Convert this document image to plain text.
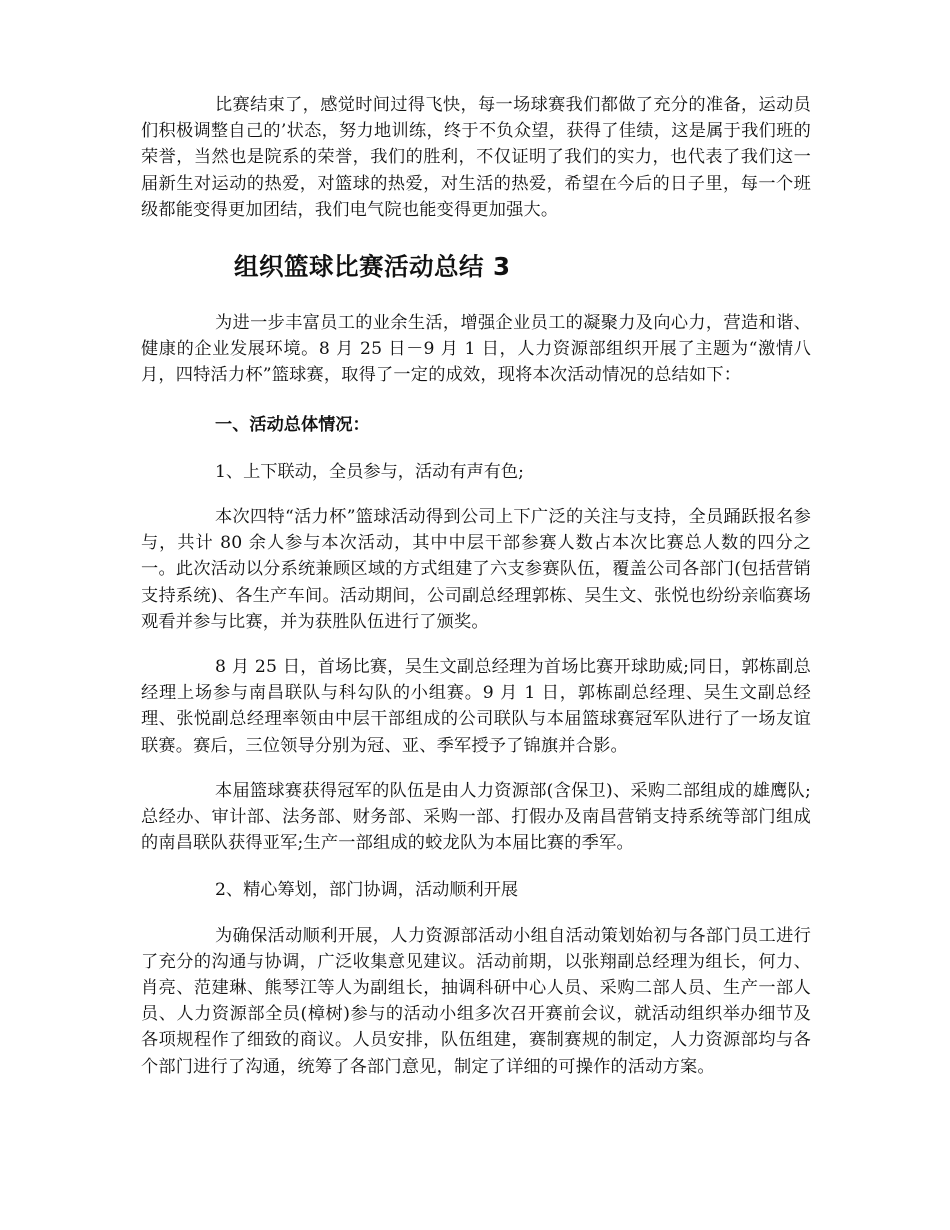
比赛结束了，感觉时间过得飞快，每一场球赛我们都做了充分的准备，运动员们积极调整自己的’状态，努力地训练，终于不负众望，获得了佳绩，这是属于我们班的荣誉，当然也是院系的荣誉，我们的胜利，不仅证明了我们的实力，也代表了我们这一届新生对运动的热爱，对篮球的热爱，对生活的热爱，希望在今后的日子里，每一个班级都能变得更加团结，我们电气院也能变得更加强大。

组织篮球比赛活动总结 3

为进一步丰富员工的业余生活，增强企业员工的凝聚力及向心力，营造和谐、健康的企业发展环境。8 月 25 日－9 月 1 日，人力资源部组织开展了主题为“激情八月，四特活力杯”篮球赛，取得了一定的成效，现将本次活动情况的总结如下：

一、活动总体情况：

1、上下联动，全员参与，活动有声有色;

本次四特“活力杯”篮球活动得到公司上下广泛的关注与支持，全员踊跃报名参与，共计 80 余人参与本次活动，其中中层干部参赛人数占本次比赛总人数的四分之一。此次活动以分系统兼顾区域的方式组建了六支参赛队伍，覆盖公司各部门(包括营销支持系统)、各生产车间。活动期间，公司副总经理郭栋、吴生文、张悦也纷纷亲临赛场观看并参与比赛，并为获胜队伍进行了颁奖。

8 月 25 日，首场比赛，吴生文副总经理为首场比赛开球助威;同日，郭栋副总经理上场参与南昌联队与科勾队的小组赛。9 月 1 日，郭栋副总经理、吴生文副总经理、张悦副总经理率领由中层干部组成的公司联队与本届篮球赛冠军队进行了一场友谊联赛。赛后，三位领导分别为冠、亚、季军授予了锦旗并合影。

本届篮球赛获得冠军的队伍是由人力资源部(含保卫)、采购二部组成的雄鹰队;总经办、审计部、法务部、财务部、采购一部、打假办及南昌营销支持系统等部门组成的南昌联队获得亚军;生产一部组成的蛟龙队为本届比赛的季军。

2、精心筹划，部门协调，活动顺利开展

为确保活动顺利开展，人力资源部活动小组自活动策划始初与各部门员工进行了充分的沟通与协调，广泛收集意见建议。活动前期，以张翔副总经理为组长，何力、肖亮、范建琳、熊琴江等人为副组长，抽调科研中心人员、采购二部人员、生产一部人员、人力资源部全员(樟树)参与的活动小组多次召开赛前会议，就活动组织举办细节及各项规程作了细致的商议。人员安排，队伍组建，赛制赛规的制定，人力资源部均与各个部门进行了沟通，统筹了各部门意见，制定了详细的可操作的活动方案。
